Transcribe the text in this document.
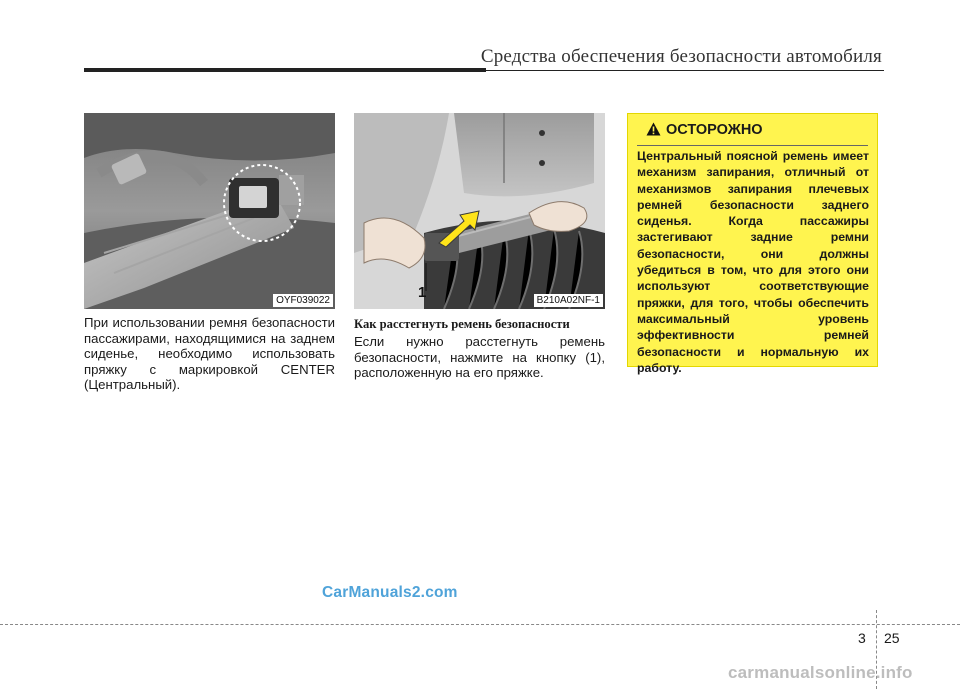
Средства обеспечения безопасности автомобиля
OYF039022	1	B210A02NF-1
При использовании ремня безопасности пассажирами, находящимися на заднем сиденье, необходимо использовать пряжку с маркировкой CENTER (Центральный).
Как расстегнуть ремень безопасности
Если нужно расстегнуть ремень безопасности, нажмите на кнопку (1), расположенную на его пряжке.
ОСТОРОЖНО
Центральный поясной ремень имеет механизм запирания, отличный от механизмов запирания плечевых ремней безопасности заднего сиденья. Когда пассажиры застегивают задние ремни безопасности, они должны убедиться в том, что для этого они используют соответствующие пряжки, для того, чтобы обеспечить максимальный уровень эффективности ремней безопасности и нормальную их работу.
CarManuals2.com
3 25
carmanualsonline.info
